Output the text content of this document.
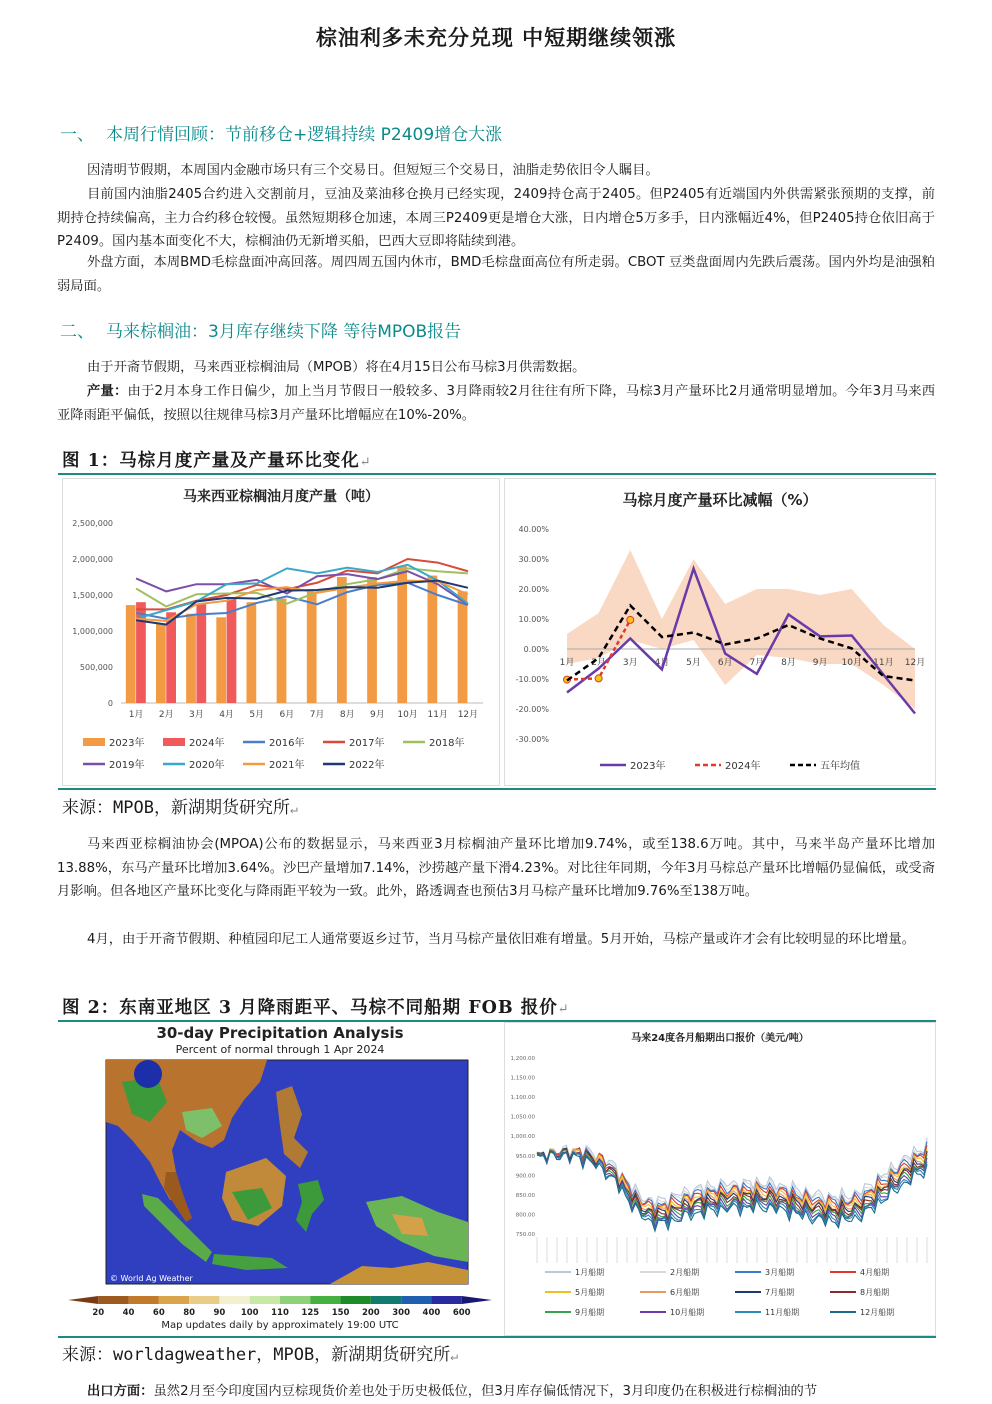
棕油利多未充分兑现 中短期继续领涨
一、 本周行情回顾：节前移仓+逻辑持续 P2409增仓大涨
因清明节假期，本周国内金融市场只有三个交易日。但短短三个交易日，油脂走势依旧令人瞩目。
目前国内油脂2405合约进入交割前月，豆油及菜油移仓换月已经实现，2409持仓高于2405。但P2405有近端国内外供需紧张预期的支撑，前期持仓持续偏高，主力合约移仓较慢。虽然短期移仓加速，本周三P2409更是增仓大涨，日内增仓5万多手，日内涨幅近4%，但P2405持仓依旧高于P2409。国内基本面变化不大，棕榈油仍无新增买船，巴西大豆即将陆续到港。
外盘方面，本周BMD毛棕盘面冲高回落。周四周五国内休市，BMD毛棕盘面高位有所走弱。CBOT 豆类盘面周内先跌后震荡。国内外均是油强粕弱局面。
二、 马来棕榈油：3月库存继续下降 等待MPOB报告
由于开斋节假期，马来西亚棕榈油局（MPOB）将在4月15日公布马棕3月供需数据。
产量：由于2月本身工作日偏少，加上当月节假日一般较多、3月降雨较2月往往有所下降，马棕3月产量环比2月通常明显增加。今年3月马来西亚降雨距平偏低，按照以往规律马棕3月产量环比增幅应在10%-20%。
图 1：马棕月度产量及产量环比变化↵
马来西亚棕榈油月度产量（吨）
2,500,000
2,000,000
1,500,000
1,000,000
500,000
0
1月 2月 3月 4月 5月 6月 7月 8月 9月 10月 11月 12月
2023年	2024年	2016年	2017年	2018年
2019年	2020年	2021年	2022年
马棕月度产量环比减幅（%）
40.00%
30.00%
20.00%
10.00%
0.00%
-10.00%
-20.00%
-30.00%
1月 2月 3月 4月 5月 6月 7月 8月 9月 10月 11月 12月
2023年	2024年	五年均值
来源：MPOB，新湖期货研究所↵
马来西亚棕榈油协会(MPOA)公布的数据显示，马来西亚3月棕榈油产量环比增加9.74%，或至138.6万吨。其中，马来半岛产量环比增加13.88%，东马产量环比增加3.64%。沙巴产量增加7.14%，沙捞越产量下滑4.23%。对比往年同期，今年3月马棕总产量环比增幅仍显偏低，或受斋月影响。但各地区产量环比变化与降雨距平较为一致。此外，路透调查也预估3月马棕产量环比增加9.76%至138万吨。
4月，由于开斋节假期、种植园印尼工人通常要返乡过节，当月马棕产量依旧难有增量。5月开始，马棕产量或许才会有比较明显的环比增量。
图 2：东南亚地区 3 月降雨距平、马棕不同船期 FOB 报价↵
30-day Precipitation Analysis
Percent of normal through 1 Apr 2024
© World Ag Weather
20 40 60 80 90 100 110 125 150 200 300 400 600
Map updates daily by approximately 19:00 UTC
马来24度各月船期出口报价（美元/吨）
1,200.00
1,150.00
1,100.00
1,050.00
1,000.00
950.00
900.00
850.00
800.00
750.00
1月船期	2月船期	3月船期	4月船期
5月船期	6月船期	7月船期	8月船期
9月船期	10月船期	11月船期	12月船期
来源：worldagweather，MPOB，新湖期货研究所↵
出口方面：虽然2月至今印度国内豆棕现货价差也处于历史极低位，但3月库存偏低情况下，3月印度仍在积极进行棕榈油的节
